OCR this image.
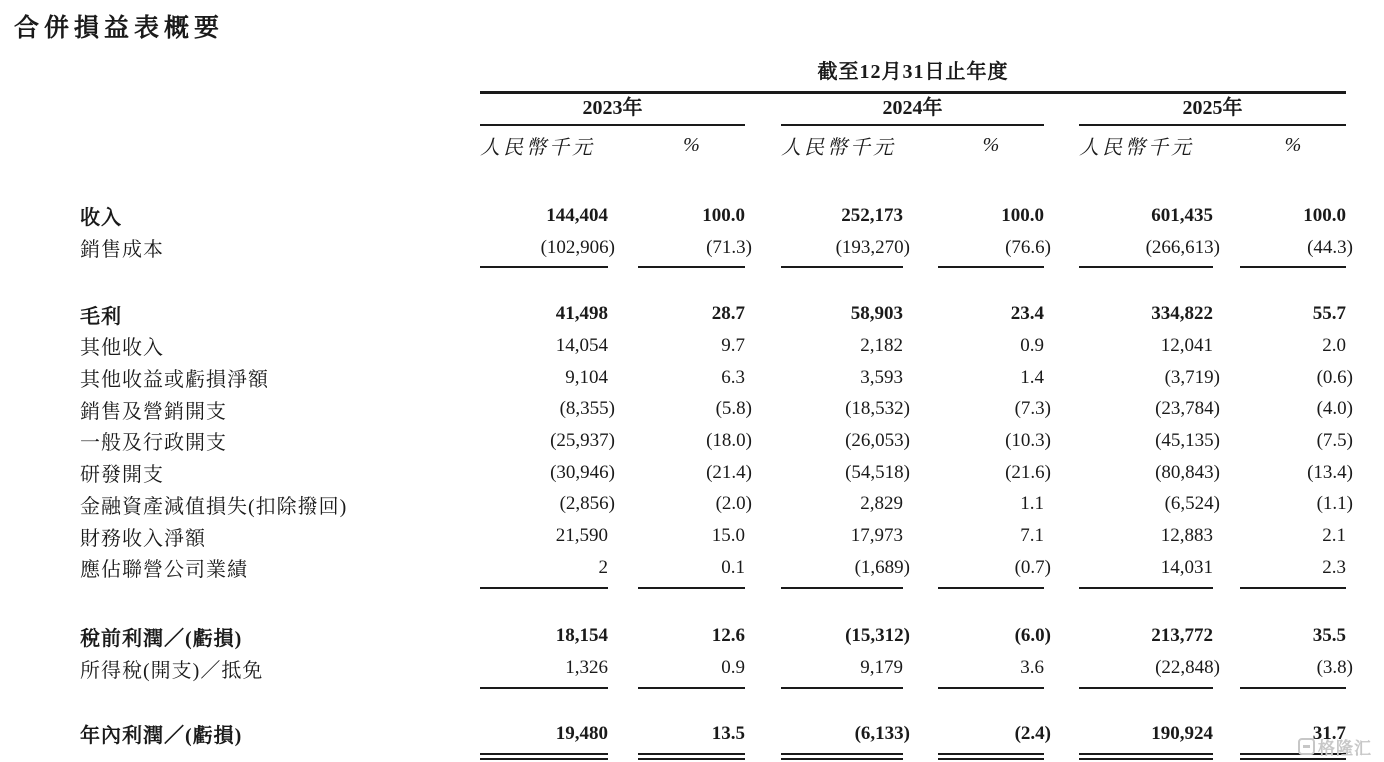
合併損益表概要
截至12月31日止年度
2023年	2024年	2025年
人民幣千元	%	人民幣千元	%	人民幣千元	%
收入	144,404	100.0	252,173	100.0	601,435	100.0
銷售成本	(102,906)	(71.3)	(193,270)	(76.6)	(266,613)	(44.3)
毛利	41,498	28.7	58,903	23.4	334,822	55.7
其他收入	14,054	9.7	2,182	0.9	12,041	2.0
其他收益或虧損淨額	9,104	6.3	3,593	1.4	(3,719)	(0.6)
銷售及營銷開支	(8,355)	(5.8)	(18,532)	(7.3)	(23,784)	(4.0)
一般及行政開支	(25,937)	(18.0)	(26,053)	(10.3)	(45,135)	(7.5)
研發開支	(30,946)	(21.4)	(54,518)	(21.6)	(80,843)	(13.4)
金融資產減值損失(扣除撥回)	(2,856)	(2.0)	2,829	1.1	(6,524)	(1.1)
財務收入淨額	21,590	15.0	17,973	7.1	12,883	2.1
應佔聯營公司業績	2	0.1	(1,689)	(0.7)	14,031	2.3
稅前利潤／(虧損)	18,154	12.6	(15,312)	(6.0)	213,772	35.5
所得稅(開支)／抵免	1,326	0.9	9,179	3.6	(22,848)	(3.8)
年內利潤／(虧損)	19,480	13.5	(6,133)	(2.4)	190,924	31.7
格隆汇
